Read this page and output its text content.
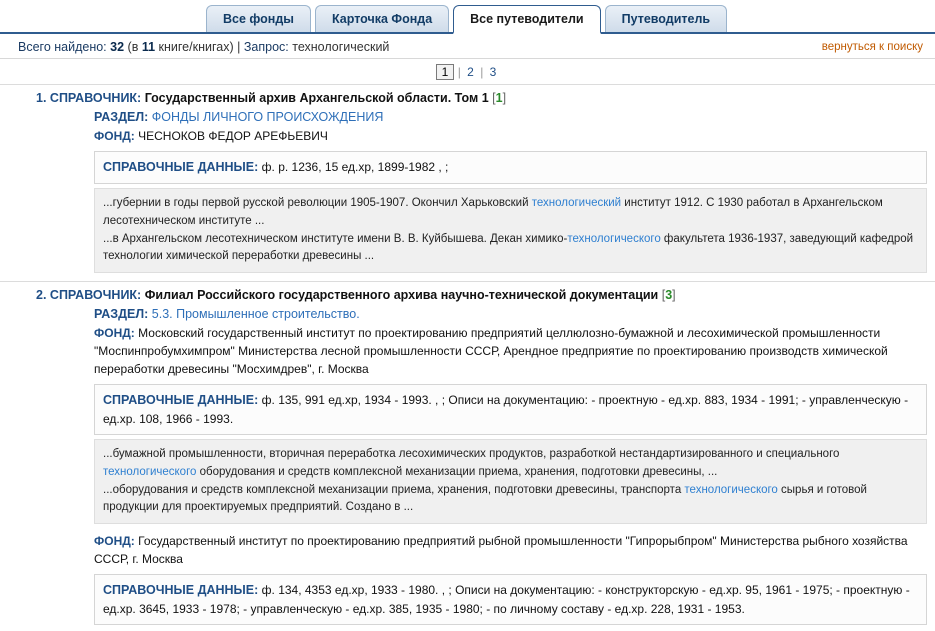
Все фонды	Карточка Фонда	Все путеводители	Путеводитель
Всего найдено: 32 (в 11 книге/книгах) | Запрос: технологический	вернуться к поиску
1 | 2 | 3
1. СПРАВОЧНИК: Государственный архив Архангельской области. Том 1 [1]
РАЗДЕЛ: ФОНДЫ ЛИЧНОГО ПРОИСХОЖДЕНИЯ
ФОНД: ЧЕСНОКОВ ФЕДОР АРЕФЬЕВИЧ
СПРАВОЧНЫЕ ДАННЫЕ: ф. р. 1236, 15 ед.хр, 1899-1982 , ;

...губернии в годы первой русской революции 1905-1907. Окончил Харьковский технологический институт 1912. С 1930 работал в Архангельском лесотехническом институте ...

...в Архангельском лесотехническом институте имени В. В. Куйбышева. Декан химико-технологического факультета 1936-1937, заведующий кафедрой технологии химической переработки древесины ...

2. СПРАВОЧНИК: Филиал Российского государственного архива научно-технической документации [3]
РАЗДЕЛ: 5.3. Промышленное строительство.
ФОНД: Московский государственный институт по проектированию предприятий целлюлозно-бумажной и лесохимической промышленности "Моспинпробумхимпром" Министерства лесной промышленности СССР, Арендное предприятие по проектированию производств химической переработки древесины "Мосхимдрев", г. Москва
СПРАВОЧНЫЕ ДАННЫЕ: ф. 135, 991 ед.хр, 1934 - 1993. , ; Описи на документацию: - проектную - ед.хр. 883, 1934 - 1991; - управленческую - ед.хр. 108, 1966 - 1993.

...бумажной промышленности, вторичная переработка лесохимических продуктов, разработкой нестандартизированного и специального технологического оборудования и средств комплексной механизации приема, хранения, подготовки древесины, ...

...оборудования и средств комплексной механизации приема, хранения, подготовки древесины, транспорта технологического сырья и готовой продукции для проектируемых предприятий. Создано в ...

ФОНД: Государственный институт по проектированию предприятий рыбной промышленности "Гипрорыбпром" Министерства рыбного хозяйства СССР, г. Москва
СПРАВОЧНЫЕ ДАННЫЕ: ф. 134, 4353 ед.хр, 1933 - 1980. , ; Описи на документацию: - конструкторскую - ед.хр. 95, 1961 - 1975; - проектную - ед.хр. 3645, 1933 - 1978; - управленческую - ед.хр. 385, 1935 - 1980; - по личному составу - ед.хр. 228, 1931 - 1953.
